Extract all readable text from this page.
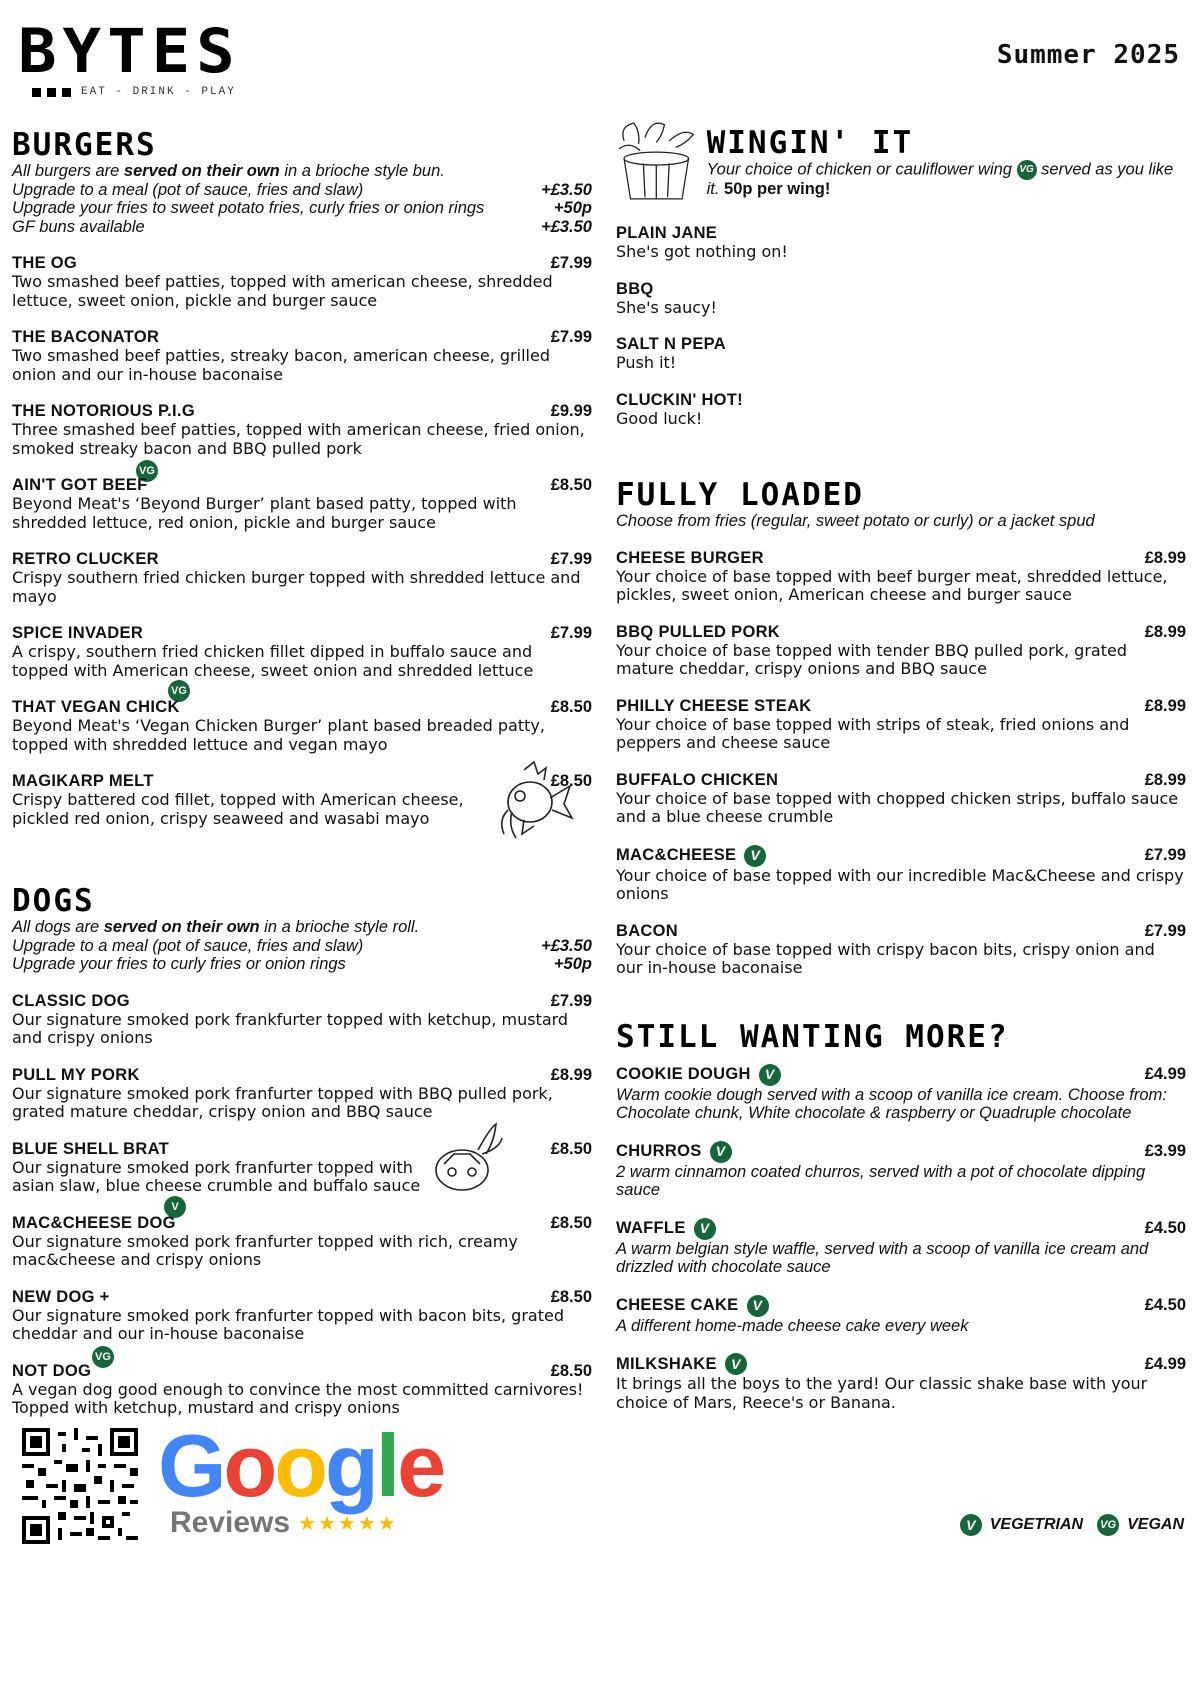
BYTES
EAT - DRINK - PLAY
Summer 2025
BURGERS
All burgers are served on their own in a brioche style bun.
Upgrade to a meal (pot of sauce, fries and slaw)	+£3.50
Upgrade your fries to sweet potato fries, curly fries or onion rings	+50p
GF buns available	+£3.50
THE OG	£7.99
Two smashed beef patties, topped with american cheese, shredded lettuce, sweet onion, pickle and burger sauce
THE BACONATOR	£7.99
Two smashed beef patties, streaky bacon, american cheese, grilled onion and our in-house baconaise
THE NOTORIOUS P.I.G	£9.99
Three smashed beef patties, topped with american cheese, fried onion, smoked streaky bacon and BBQ pulled pork
VG
AIN'T GOT BEEF	£8.50
Beyond Meat's ‘Beyond Burger’ plant based patty, topped with shredded lettuce, red onion, pickle and burger sauce
RETRO CLUCKER	£7.99
Crispy southern fried chicken burger topped with shredded lettuce and mayo
SPICE INVADER	£7.99
A crispy, southern fried chicken fillet dipped in buffalo sauce and topped with American cheese, sweet onion and shredded lettuce
VG
THAT VEGAN CHICK	£8.50
Beyond Meat's ‘Vegan Chicken Burger’ plant based breaded patty, topped with shredded lettuce and vegan mayo
MAGIKARP MELT	£8.50
Crispy battered cod fillet, topped with American cheese, pickled red onion, crispy seaweed and wasabi mayo
DOGS
All dogs are served on their own in a brioche style roll.
Upgrade to a meal (pot of sauce, fries and slaw)	+£3.50
Upgrade your fries to curly fries or onion rings	+50p
CLASSIC DOG	£7.99
Our signature smoked pork frankfurter topped with ketchup, mustard and crispy onions
PULL MY PORK	£8.99
Our signature smoked pork franfurter topped with BBQ pulled pork, grated mature cheddar, crispy onion and BBQ sauce
BLUE SHELL BRAT	£8.50
Our signature smoked pork franfurter topped with asian slaw, blue cheese crumble and buffalo sauce
V
MAC&CHEESE DOG	£8.50
Our signature smoked pork franfurter topped with rich, creamy mac&cheese and crispy onions
NEW DOG +	£8.50
Our signature smoked pork franfurter topped with bacon bits, grated cheddar and our in-house baconaise
VG
NOT DOG	£8.50
A vegan dog good enough to convince the most committed carnivores! Topped with ketchup, mustard and crispy onions
WINGIN' IT
Your choice of chicken or cauliflower wing VG served as you like it. 50p per wing!
PLAIN JANE
She's got nothing on!
BBQ
She's saucy!
SALT N PEPA
Push it!
CLUCKIN' HOT!
Good luck!
FULLY LOADED
Choose from fries (regular, sweet potato or curly) or a jacket spud
CHEESE BURGER	£8.99
Your choice of base topped with beef burger meat, shredded lettuce, pickles, sweet onion, American cheese and burger sauce
BBQ PULLED PORK	£8.99
Your choice of base topped with tender BBQ pulled pork, grated mature cheddar, crispy onions and BBQ sauce
PHILLY CHEESE STEAK	£8.99
Your choice of base topped with strips of steak, fried onions and peppers and cheese sauce
BUFFALO CHICKEN	£8.99
Your choice of base topped with chopped chicken strips, buffalo sauce and a blue cheese crumble
MAC&CHEESE	V	£7.99
Your choice of base topped with our incredible Mac&Cheese and crispy onions
BACON	£7.99
Your choice of base topped with crispy bacon bits, crispy onion and our in-house baconaise
STILL WANTING MORE?
COOKIE DOUGH	V	£4.99
Warm cookie dough served with a scoop of vanilla ice cream. Choose from: Chocolate chunk, White chocolate & raspberry or Quadruple chocolate
CHURROS	V	£3.99
2 warm cinnamon coated churros, served with a pot of chocolate dipping sauce
WAFFLE	V	£4.50
A warm belgian style waffle, served with a scoop of vanilla ice cream and drizzled with chocolate sauce
CHEESE CAKE	V	£4.50
A different home-made cheese cake every week
MILKSHAKE	V	£4.99
It brings all the boys to the yard! Our classic shake base with your choice of Mars, Reece's or Banana.
Google
Reviews ★★★★★	V VEGETRIAN VG VEGAN
